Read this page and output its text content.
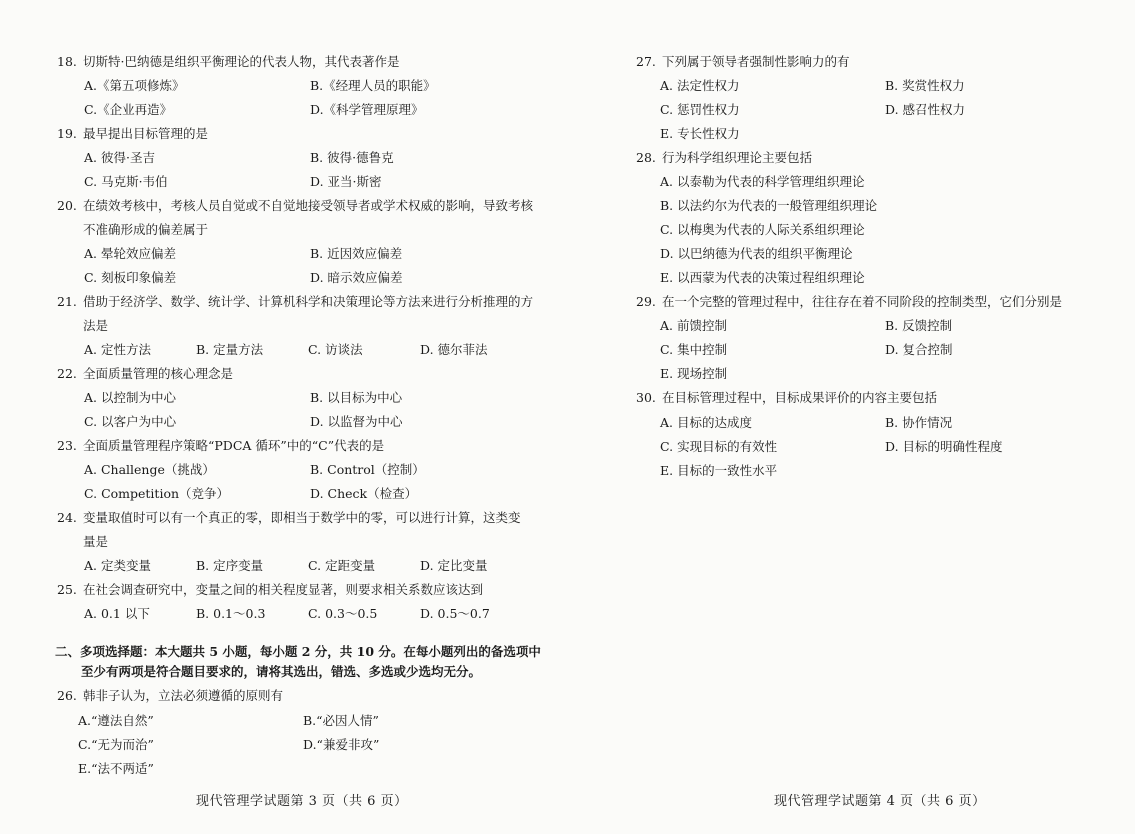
18. 切斯特·巴纳德是组织平衡理论的代表人物，其代表著作是
A.《第五项修炼》	B.《经理人员的职能》
C.《企业再造》	D.《科学管理原理》
19. 最早提出目标管理的是
A. 彼得·圣吉	B. 彼得·德鲁克
C. 马克斯·韦伯	D. 亚当·斯密
20. 在绩效考核中，考核人员自觉或不自觉地接受领导者或学术权威的影响，导致考核
不准确形成的偏差属于
A. 晕轮效应偏差	B. 近因效应偏差
C. 刻板印象偏差	D. 暗示效应偏差
21. 借助于经济学、数学、统计学、计算机科学和决策理论等方法来进行分析推理的方
法是
A. 定性方法	B. 定量方法	C. 访谈法	D. 德尔菲法
22. 全面质量管理的核心理念是
A. 以控制为中心	B. 以目标为中心
C. 以客户为中心	D. 以监督为中心
23. 全面质量管理程序策略“PDCA 循环”中的“C”代表的是
A. Challenge（挑战）	B. Control（控制）
C. Competition（竞争）	D. Check（检查）
24. 变量取值时可以有一个真正的零，即相当于数学中的零，可以进行计算，这类变
量是
A. 定类变量	B. 定序变量	C. 定距变量	D. 定比变量
25. 在社会调查研究中，变量之间的相关程度显著，则要求相关系数应该达到
A. 0.1 以下	B. 0.1～0.3	C. 0.3～0.5	D. 0.5～0.7
二、多项选择题：本大题共 5 小题，每小题 2 分，共 10 分。在每小题列出的备选项中
至少有两项是符合题目要求的，请将其选出，错选、多选或少选均无分。
26. 韩非子认为，立法必须遵循的原则有
A.“遵法自然”	B.“必因人情”
C.“无为而治”	D.“兼爱非攻”
E.“法不两适”
现代管理学试题第 3 页（共 6 页）
27. 下列属于领导者强制性影响力的有
A. 法定性权力	B. 奖赏性权力
C. 惩罚性权力	D. 感召性权力
E. 专长性权力
28. 行为科学组织理论主要包括
A. 以泰勒为代表的科学管理组织理论
B. 以法约尔为代表的一般管理组织理论
C. 以梅奥为代表的人际关系组织理论
D. 以巴纳德为代表的组织平衡理论
E. 以西蒙为代表的决策过程组织理论
29. 在一个完整的管理过程中，往往存在着不同阶段的控制类型，它们分别是
A. 前馈控制	B. 反馈控制
C. 集中控制	D. 复合控制
E. 现场控制
30. 在目标管理过程中，目标成果评价的内容主要包括
A. 目标的达成度	B. 协作情况
C. 实现目标的有效性	D. 目标的明确性程度
E. 目标的一致性水平
现代管理学试题第 4 页（共 6 页）
